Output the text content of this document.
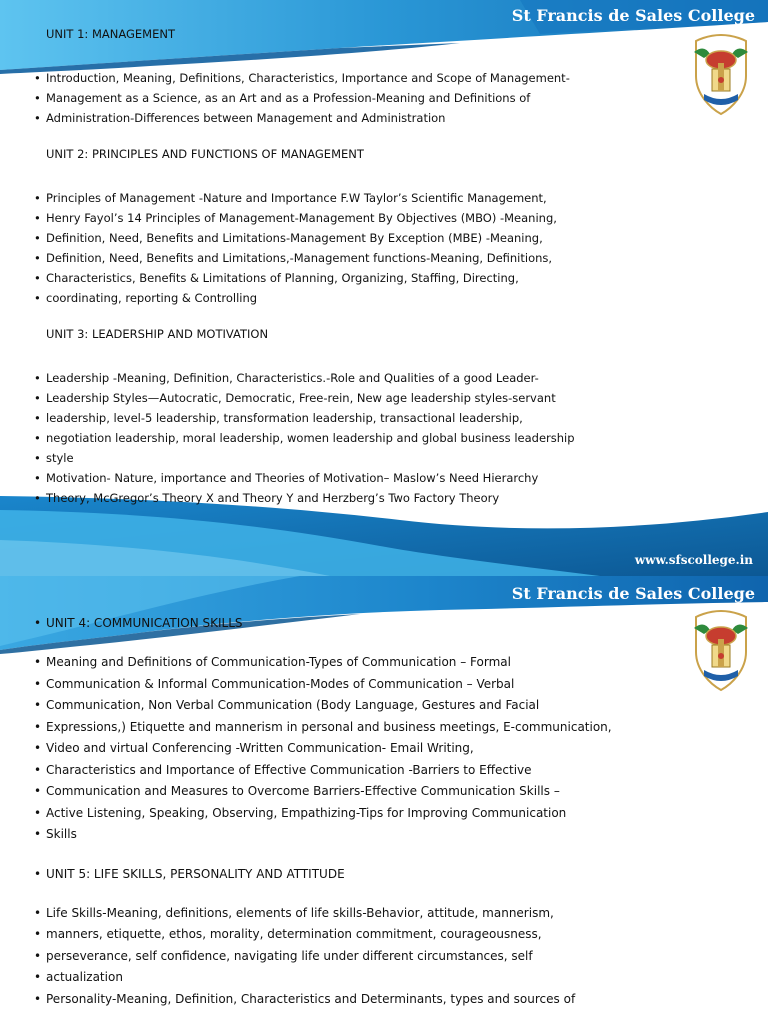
St Francis de Sales College
UNIT 1: MANAGEMENT
• Introduction, Meaning, Definitions, Characteristics, Importance and Scope of Management-
• Management as a Science, as an Art and as a Profession-Meaning and Definitions of
• Administration-Differences between Management and Administration
UNIT 2: PRINCIPLES AND FUNCTIONS OF MANAGEMENT
• Principles of Management -Nature and Importance F.W Taylor’s Scientific Management,
• Henry Fayol’s 14 Principles of Management-Management By Objectives (MBO) -Meaning,
• Definition, Need, Benefits and Limitations-Management By Exception (MBE) -Meaning,
• Definition, Need, Benefits and Limitations,-Management functions-Meaning, Definitions,
• Characteristics, Benefits & Limitations of Planning, Organizing, Staffing, Directing,
• coordinating, reporting & Controlling
UNIT 3: LEADERSHIP AND MOTIVATION
• Leadership -Meaning, Definition, Characteristics.-Role and Qualities of a good Leader-
• Leadership Styles—Autocratic, Democratic, Free-rein, New age leadership styles-servant
• leadership, level-5 leadership, transformation leadership, transactional leadership,
• negotiation leadership, moral leadership, women leadership and global business leadership
• style
• Motivation- Nature, importance and Theories of Motivation– Maslow’s Need Hierarchy
• Theory, McGregor’s Theory X and Theory Y and Herzberg’s Two Factory Theory
www.sfscollege.in
St Francis de Sales College
• UNIT 4: COMMUNICATION SKILLS
• Meaning and Definitions of Communication-Types of Communication – Formal
• Communication & Informal Communication-Modes of Communication – Verbal
• Communication, Non Verbal Communication (Body Language, Gestures and Facial
• Expressions,) Etiquette and mannerism in personal and business meetings, E-communication,
• Video and virtual Conferencing -Written Communication- Email Writing,
• Characteristics and Importance of Effective Communication -Barriers to Effective
• Communication and Measures to Overcome Barriers-Effective Communication Skills –
• Active Listening, Speaking, Observing, Empathizing-Tips for Improving Communication
• Skills
• UNIT 5: LIFE SKILLS, PERSONALITY AND ATTITUDE
• Life Skills-Meaning, definitions, elements of life skills-Behavior, attitude, mannerism,
• manners, etiquette, ethos, morality, determination commitment, courageousness,
• perseverance, self confidence, navigating life under different circumstances, self
• actualization
• Personality-Meaning, Definition, Characteristics and Determinants, types and sources of
